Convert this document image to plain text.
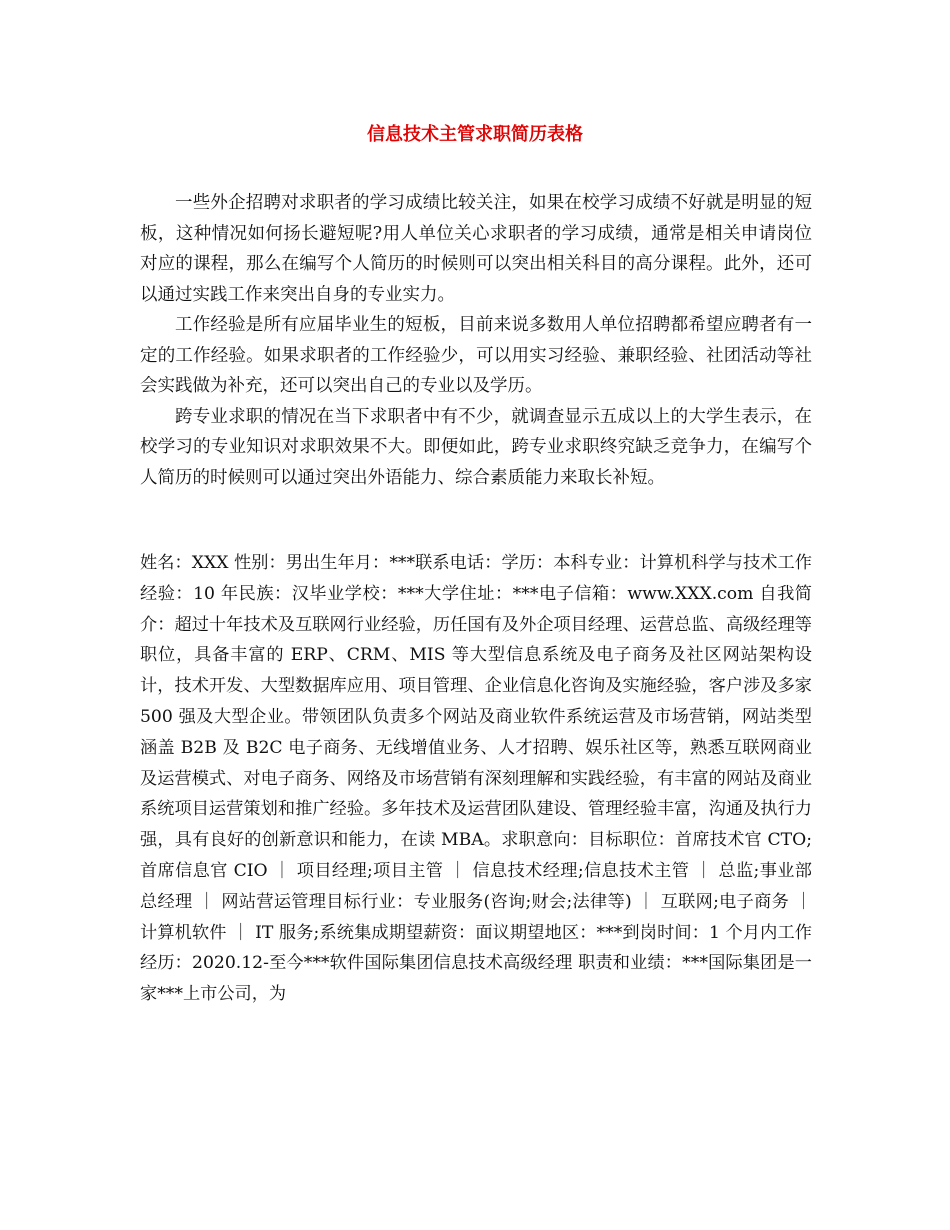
信息技术主管求职简历表格

一些外企招聘对求职者的学习成绩比较关注，如果在校学习成绩不好就是明显的短板，这种情况如何扬长避短呢?用人单位关心求职者的学习成绩，通常是相关申请岗位对应的课程，那么在编写个人简历的时候则可以突出相关科目的高分课程。此外，还可以通过实践工作来突出自身的专业实力。

工作经验是所有应届毕业生的短板，目前来说多数用人单位招聘都希望应聘者有一定的工作经验。如果求职者的工作经验少，可以用实习经验、兼职经验、社团活动等社会实践做为补充，还可以突出自己的专业以及学历。

跨专业求职的情况在当下求职者中有不少，就调查显示五成以上的大学生表示，在校学习的专业知识对求职效果不大。即便如此，跨专业求职终究缺乏竞争力，在编写个人简历的时候则可以通过突出外语能力、综合素质能力来取长补短。

姓名：XXX 性别：男出生年月：***联系电话：学历：本科专业：计算机科学与技术工作经验：10 年民族：汉毕业学校：***大学住址：***电子信箱：www.XXX.com 自我简介：超过十年技术及互联网行业经验，历任国有及外企项目经理、运营总监、高级经理等职位，具备丰富的 ERP、CRM、MIS 等大型信息系统及电子商务及社区网站架构设计，技术开发、大型数据库应用、项目管理、企业信息化咨询及实施经验，客户涉及多家 500 强及大型企业。带领团队负责多个网站及商业软件系统运营及市场营销，网站类型涵盖 B2B 及 B2C 电子商务、无线增值业务、人才招聘、娱乐社区等，熟悉互联网商业及运营模式、对电子商务、网络及市场营销有深刻理解和实践经验，有丰富的网站及商业系统项目运营策划和推广经验。多年技术及运营团队建设、管理经验丰富，沟通及执行力强，具有良好的创新意识和能力，在读 MBA。求职意向：目标职位：首席技术官 CTO;首席信息官 CIO ｜ 项目经理;项目主管 ｜ 信息技术经理;信息技术主管 ｜ 总监;事业部总经理 ｜ 网站营运管理目标行业：专业服务(咨询;财会;法律等) ｜ 互联网;电子商务 ｜ 计算机软件 ｜ IT 服务;系统集成期望薪资：面议期望地区：***到岗时间：1 个月内工作经历：2020.12-至今***软件国际集团信息技术高级经理 职责和业绩：***国际集团是一家***上市公司，为
